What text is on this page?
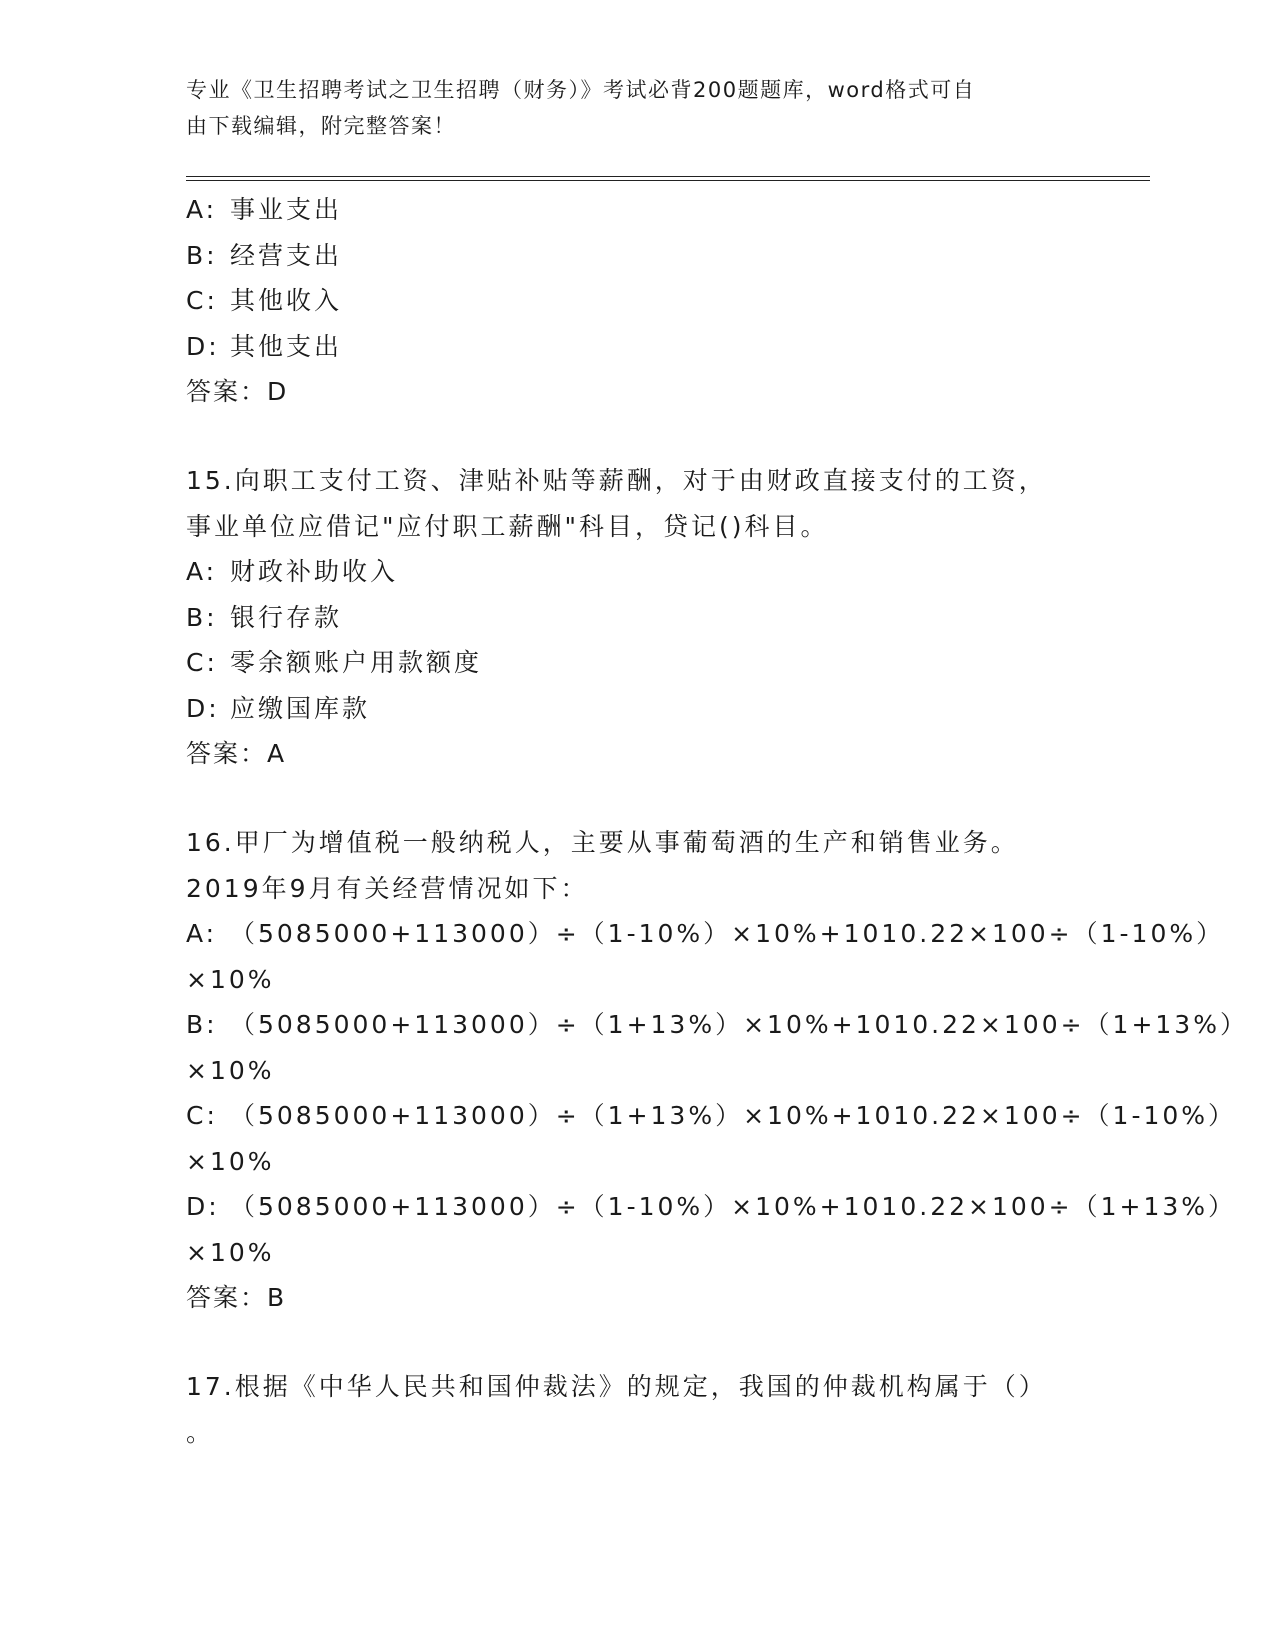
专业《卫生招聘考试之卫生招聘（财务）》考试必背200题题库，word格式可自
由下载编辑，附完整答案！
A: 事业支出
B: 经营支出
C: 其他收入
D: 其他支出
答案：D
15.向职工支付工资、津贴补贴等薪酬，对于由财政直接支付的工资，
事业单位应借记"应付职工薪酬"科目，贷记()科目。
A: 财政补助收入
B: 银行存款
C: 零余额账户用款额度
D: 应缴国库款
答案：A
16.甲厂为增值税一般纳税人，主要从事葡萄酒的生产和销售业务。
2019年9月有关经营情况如下：
A: （5085000+113000）÷（1-10%）×10%+1010.22×100÷（1-10%）
×10%
B: （5085000+113000）÷（1+13%）×10%+1010.22×100÷（1+13%）
×10%
C: （5085000+113000）÷（1+13%）×10%+1010.22×100÷（1-10%）
×10%
D: （5085000+113000）÷（1-10%）×10%+1010.22×100÷（1+13%）
×10%
答案：B
17.根据《中华人民共和国仲裁法》的规定，我国的仲裁机构属于（）
。
